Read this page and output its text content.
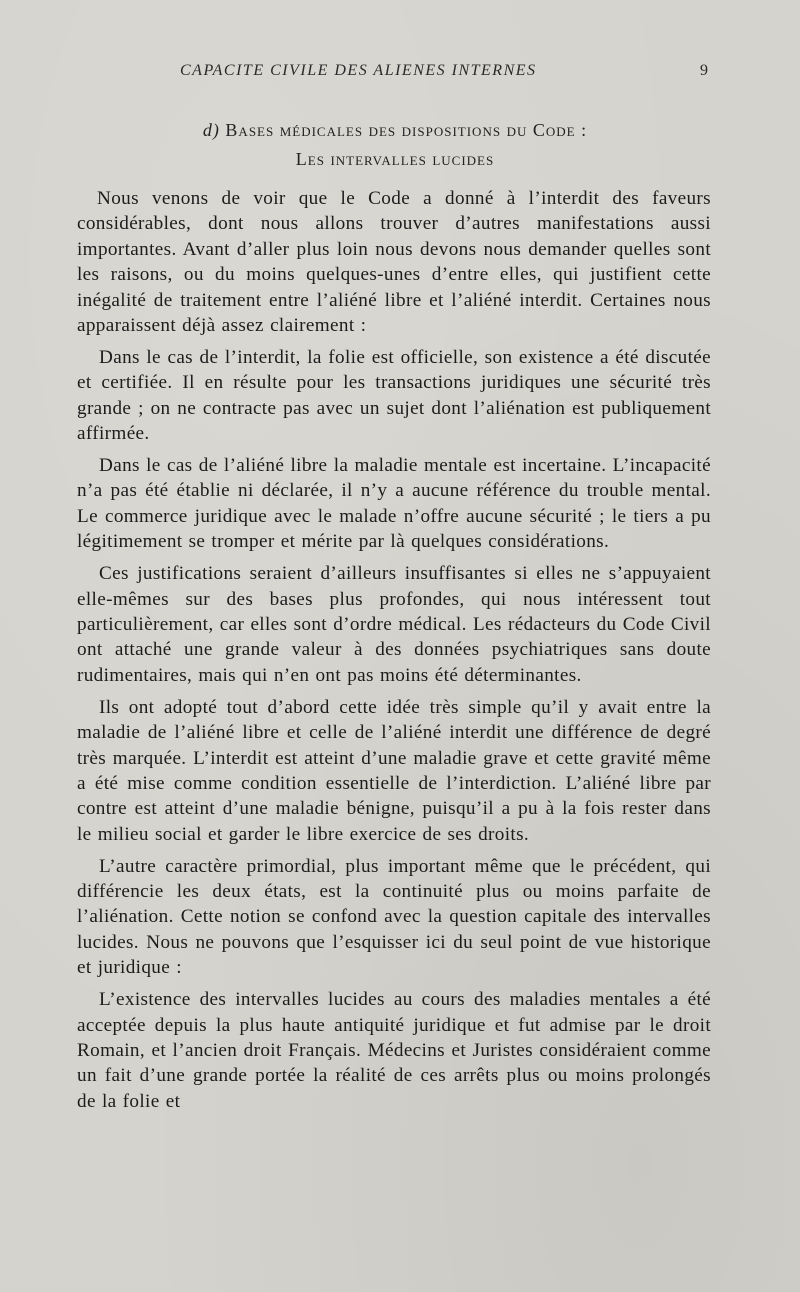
CAPACITE CIVILE DES ALIENES INTERNES	9
d) Bases médicales des dispositions du Code :
Les intervalles lucides

Nous venons de voir que le Code a donné à l’interdit des faveurs considérables, dont nous allons trouver d’autres manifestations aussi importantes. Avant d’aller plus loin nous devons nous demander quelles sont les raisons, ou du moins quelques-unes d’entre elles, qui justifient cette inégalité de traitement entre l’aliéné libre et l’aliéné interdit. Certaines nous apparaissent déjà assez clairement :

Dans le cas de l’interdit, la folie est officielle, son existence a été discutée et certifiée. Il en résulte pour les transactions juridiques une sécurité très grande ; on ne contracte pas avec un sujet dont l’aliénation est publiquement affirmée.

Dans le cas de l’aliéné libre la maladie mentale est incertaine. L’incapacité n’a pas été établie ni déclarée, il n’y a aucune référence du trouble mental. Le commerce juridique avec le malade n’offre aucune sécurité ; le tiers a pu légitimement se tromper et mérite par là quelques considérations.

Ces justifications seraient d’ailleurs insuffisantes si elles ne s’appuyaient elle-mêmes sur des bases plus profondes, qui nous intéressent tout particulièrement, car elles sont d’ordre médical. Les rédacteurs du Code Civil ont attaché une grande valeur à des données psychiatriques sans doute rudimentaires, mais qui n’en ont pas moins été déterminantes.

Ils ont adopté tout d’abord cette idée très simple qu’il y avait entre la maladie de l’aliéné libre et celle de l’aliéné interdit une différence de degré très marquée. L’interdit est atteint d’une maladie grave et cette gravité même a été mise comme condition essentielle de l’interdiction. L’aliéné libre par contre est atteint d’une maladie bénigne, puisqu’il a pu à la fois rester dans le milieu social et garder le libre exercice de ses droits.

L’autre caractère primordial, plus important même que le précédent, qui différencie les deux états, est la continuité plus ou moins parfaite de l’aliénation. Cette notion se confond avec la question capitale des intervalles lucides. Nous ne pouvons que l’esquisser ici du seul point de vue historique et juridique :

L’existence des intervalles lucides au cours des maladies mentales a été acceptée depuis la plus haute antiquité juridique et fut admise par le droit Romain, et l’ancien droit Français. Médecins et Juristes considéraient comme un fait d’une grande portée la réalité de ces arrêts plus ou moins prolongés de la folie et
